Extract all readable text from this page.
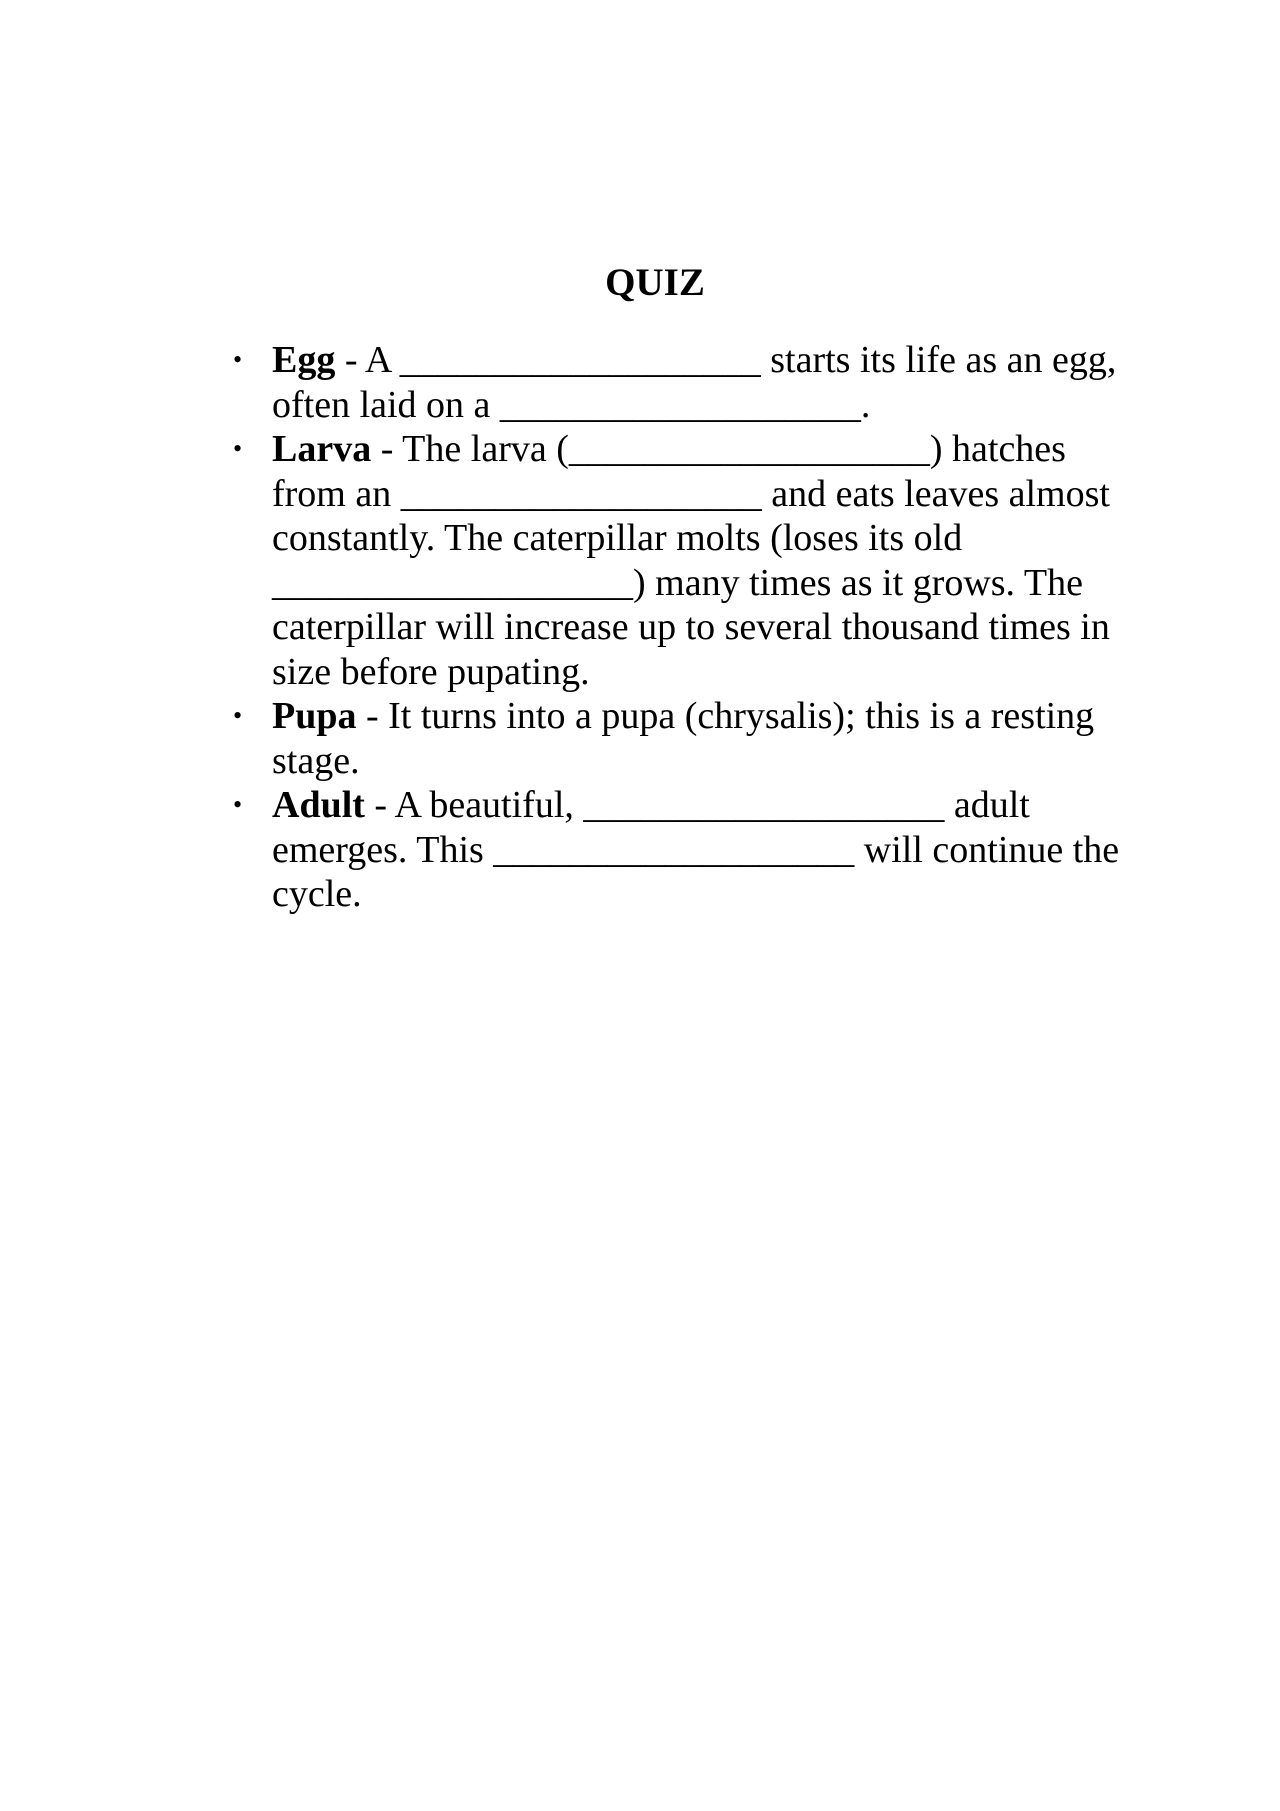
QUIZ
• Egg - A ___________________ starts its life as an egg, often laid on a ___________________.
• Larva - The larva (___________________) hatches from an ___________________ and eats leaves almost constantly. The caterpillar molts (loses its old ___________________) many times as it grows. The caterpillar will increase up to several thousand times in size before pupating.
• Pupa - It turns into a pupa (chrysalis); this is a resting stage.
• Adult - A beautiful, ___________________ adult emerges. This ___________________ will continue the cycle.
